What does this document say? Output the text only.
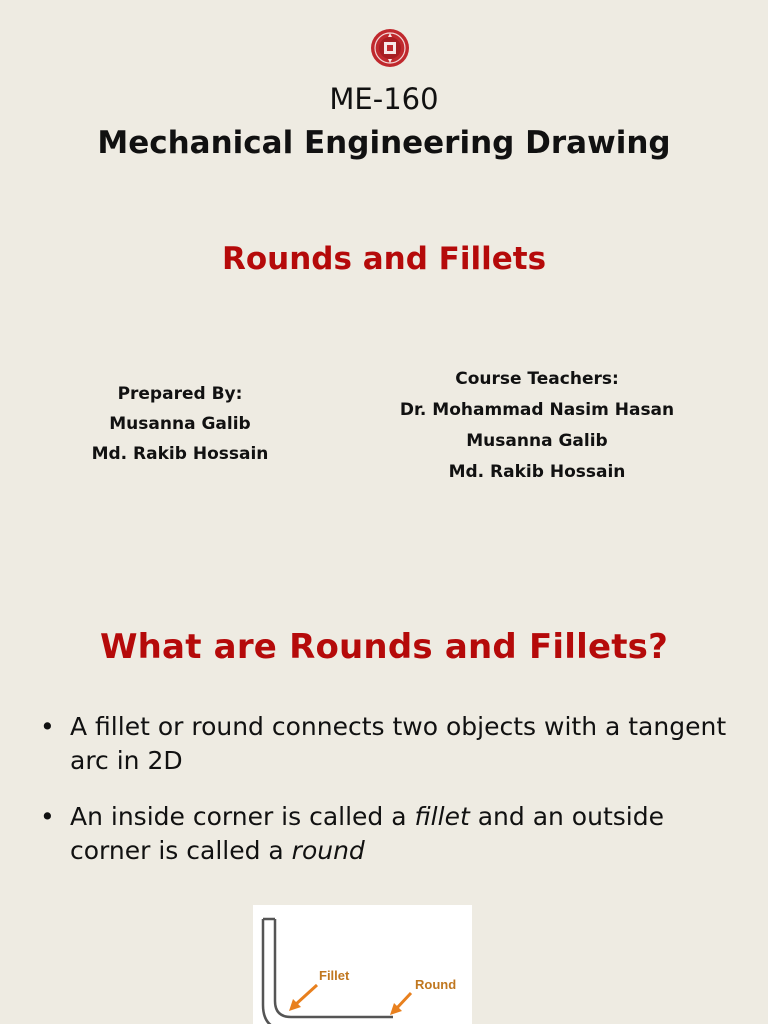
ME-160
Mechanical Engineering Drawing
Rounds and Fillets
Prepared By:
Musanna Galib
Md. Rakib Hossain
Course Teachers:
Dr. Mohammad Nasim Hasan
Musanna Galib
Md. Rakib Hossain
What are Rounds and Fillets?
• A fillet or round connects two objects with a tangent arc in 2D
• An inside corner is called a fillet and an outside corner is called a round
Fillet
Round
